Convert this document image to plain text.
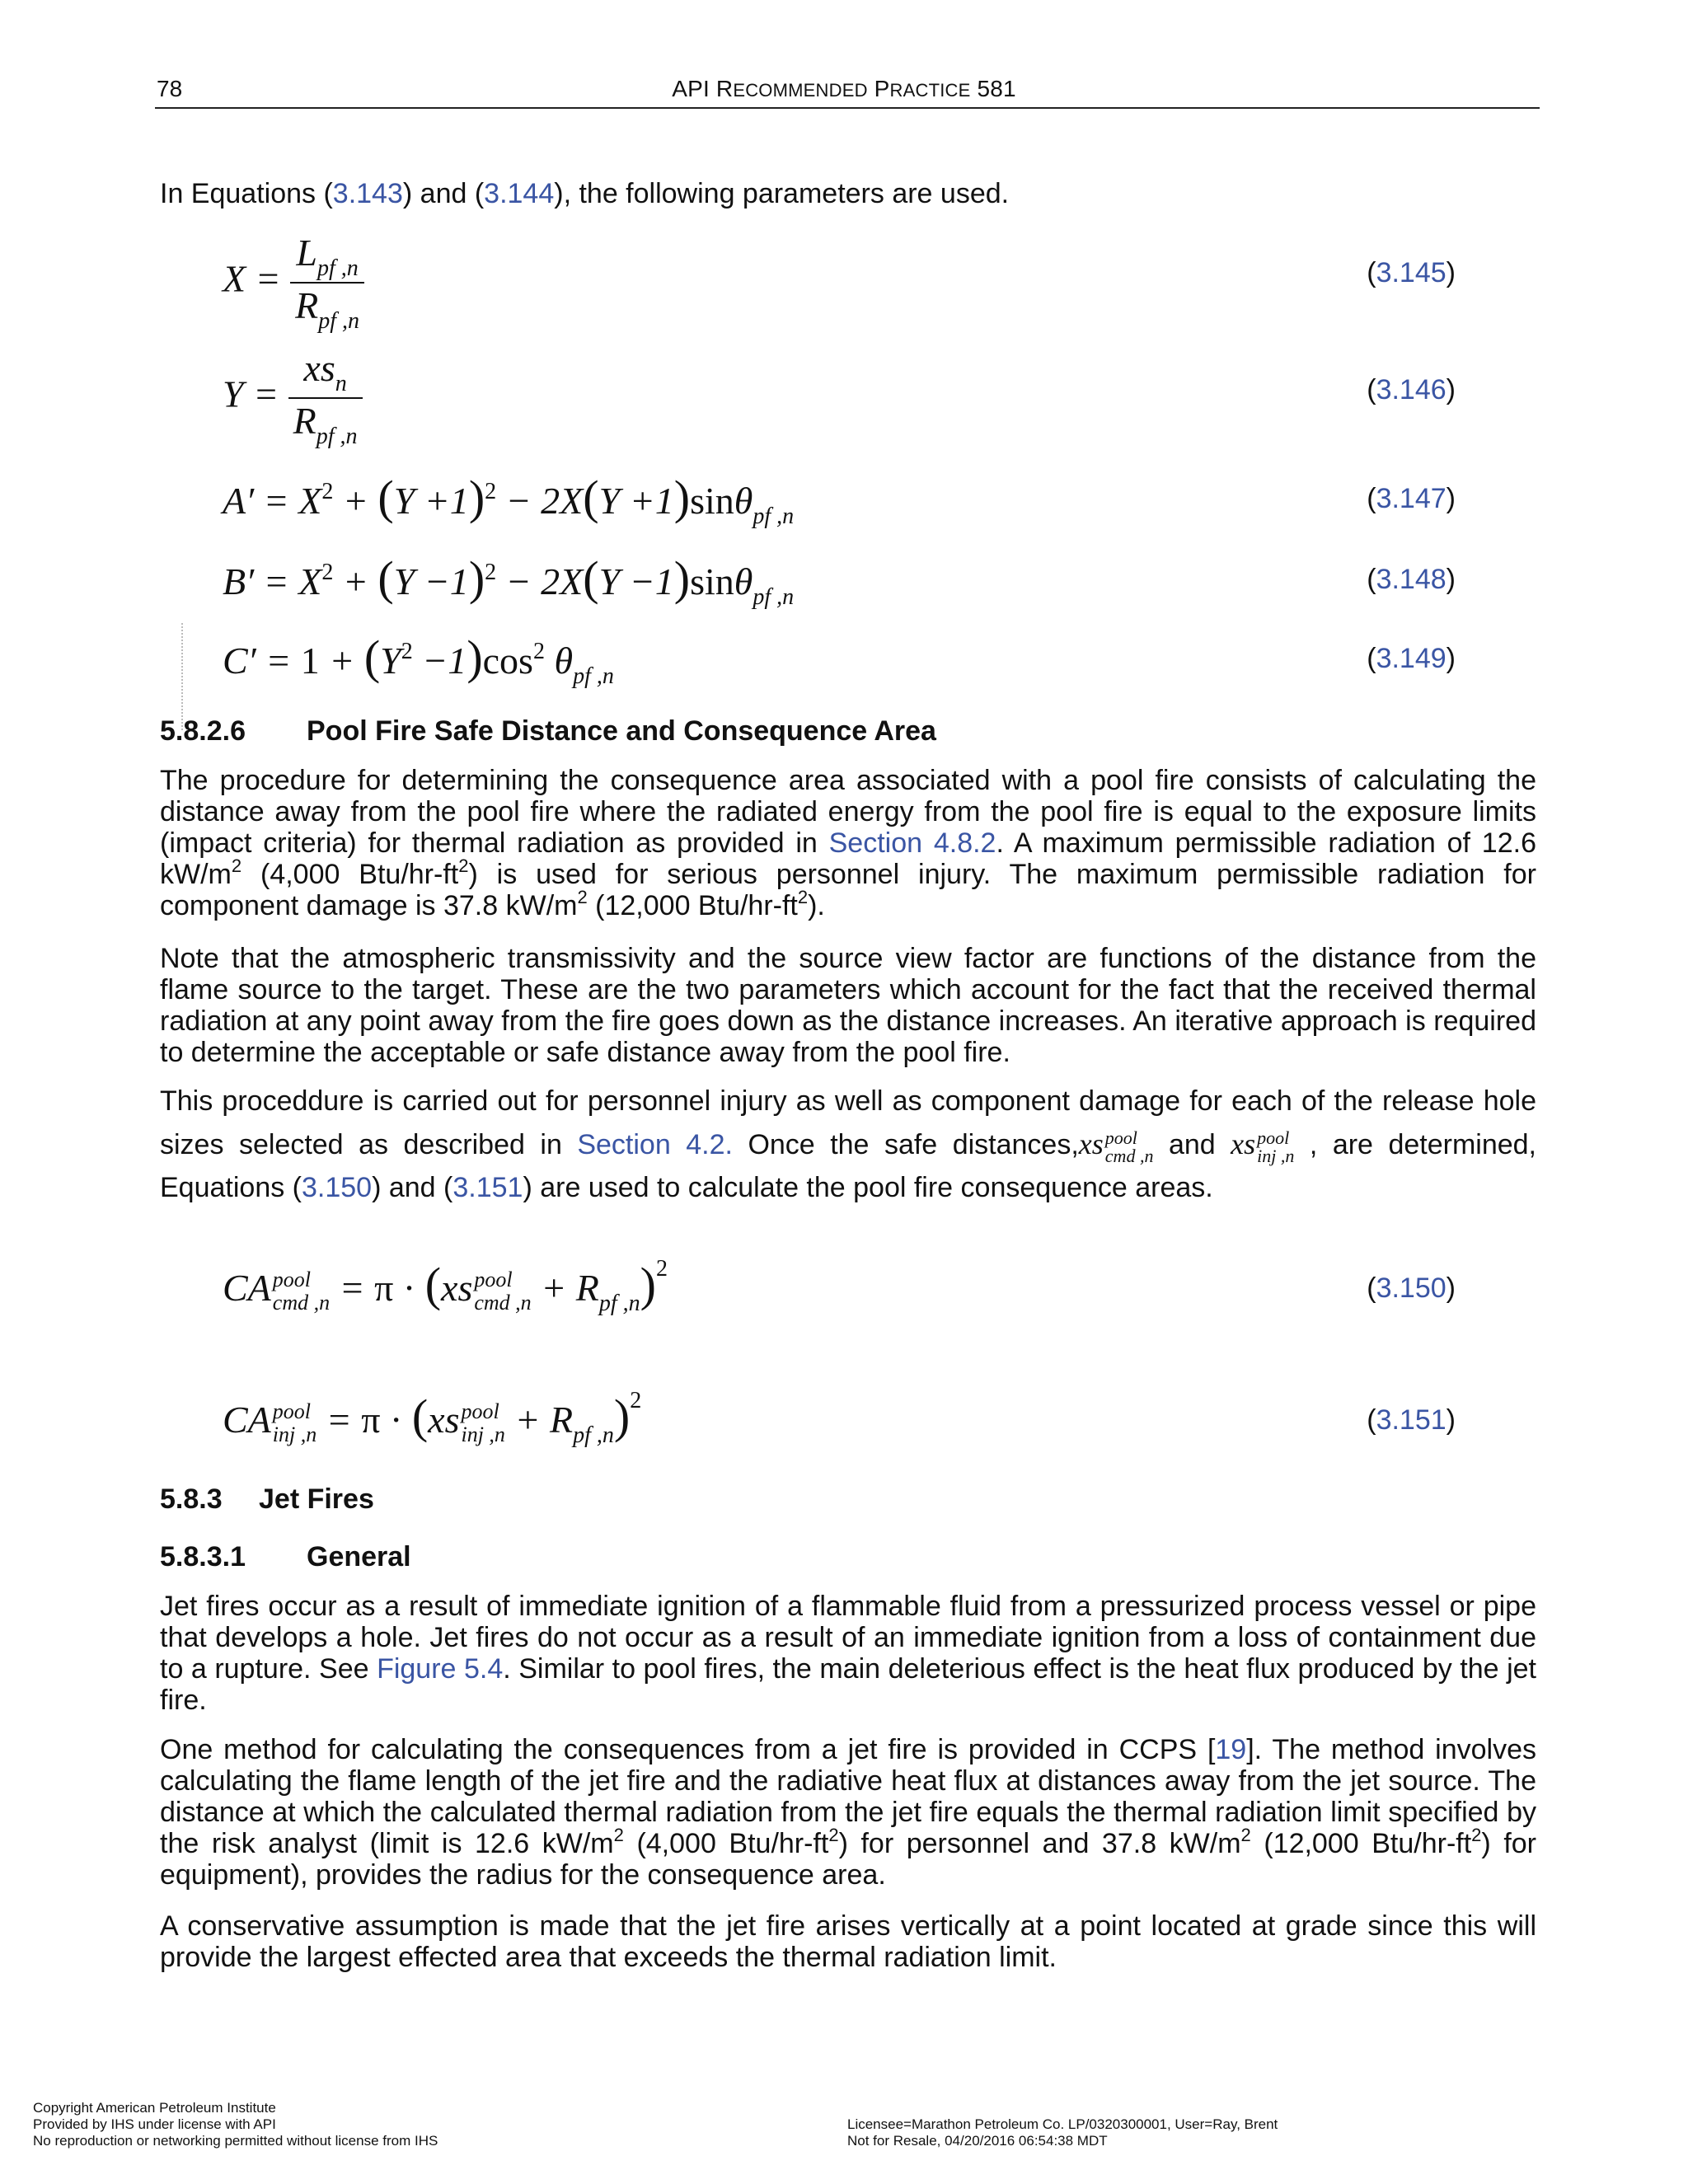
78	API RECOMMENDED PRACTICE 581
In Equations (3.143) and (3.144), the following parameters are used.
$X = \frac{L_{pf ,n}}{R_{pf ,n}}$	(3.145)
$Y = \frac{xs_n}{R_{pf ,n}}$	(3.146)
$A' = X^2 + (Y +1)^2 - 2X(Y +1)\sin\theta_{pf ,n}$
(3.147)
$B' = X^2 + (Y -1)^2 - 2X(Y -1)\sin\theta_{pf ,n}$
(3.148)
$C' = 1 + (Y^2 -1)\cos^2$ $\theta_{pf ,n}$
(3.149)
5.8.2.6 Pool Fire Safe Distance and Consequence Area
The procedure for determining the consequence area associated with a pool fire consists of calculating the distance away from the pool fire where the radiated energy from the pool fire is equal to the exposure limits (impact criteria) for thermal radiation as provided in Section 4.8.2. A maximum permissible radiation of 12.6 $kW/m^2$ (4,000 Btu/$hr-ft^2$) is used for serious personnel injury. The maximum permissible radiation for component damage is 37.8 $kW/m^2$ (12,000 Btu/$hr-ft^2$).
Note that the atmospheric transmissivity and the source view factor are functions of the distance from the flame source to the target. These are the two parameters which account for the fact that the received thermal radiation at any point away from the fire goes down as the distance increases. An iterative approach is required to determine the acceptable or safe distance away from the pool fire.
This proceddure is carried out for personnel injury as well as component damage for each of the release hole sizes selected as described in Section 4.2. Once the safe distances,xs pool
cmd ,n and xs pool
inj ,n , are determined, Equations (3.150) and (3.151) are used to calculate the pool fire consequence areas.
CA pool
cmd ,n = π · (xs pool
cmd $,n + R_{pf ,n})^2$
(3.150)
CA pool
inj ,n = π · (xs pool
inj $,n + R_{pf ,n})^2$
(3.151)
5.8.3 Jet Fires
5.8.3.1 General
Jet fires occur as a result of immediate ignition of a flammable fluid from a pressurized process vessel or pipe that develops a hole. Jet fires do not occur as a result of an immediate ignition from a loss of containment due to a rupture. See Figure 5.4. Similar to pool fires, the main deleterious effect is the heat flux produced by the jet fire.
One method for calculating the consequences from a jet fire is provided in CCPS [19]. The method involves calculating the flame length of the jet fire and the radiative heat flux at distances away from the jet source. The distance at which the calculated thermal radiation from the jet fire equals the thermal radiation limit specified by the risk analyst (limit is 12.6 $kW/m^2$ (4,000 Btu/$hr-ft^2$) for personnel and 37.8 $kW/m^2$ (12,000 Btu/$hr-ft^2$) for equipment), provides the radius for the consequence area.
A conservative assumption is made that the jet fire arises vertically at a point located at grade since this will provide the largest effected area that exceeds the thermal radiation limit.
Copyright American Petroleum Institute
Provided by IHS under license with API
No reproduction or networking permitted without license from IHS
Licensee=Marathon Petroleum Co. LP/0320300001, User=Ray, Brent
Not for Resale, 04/20/2016 06:54:38 MDT
